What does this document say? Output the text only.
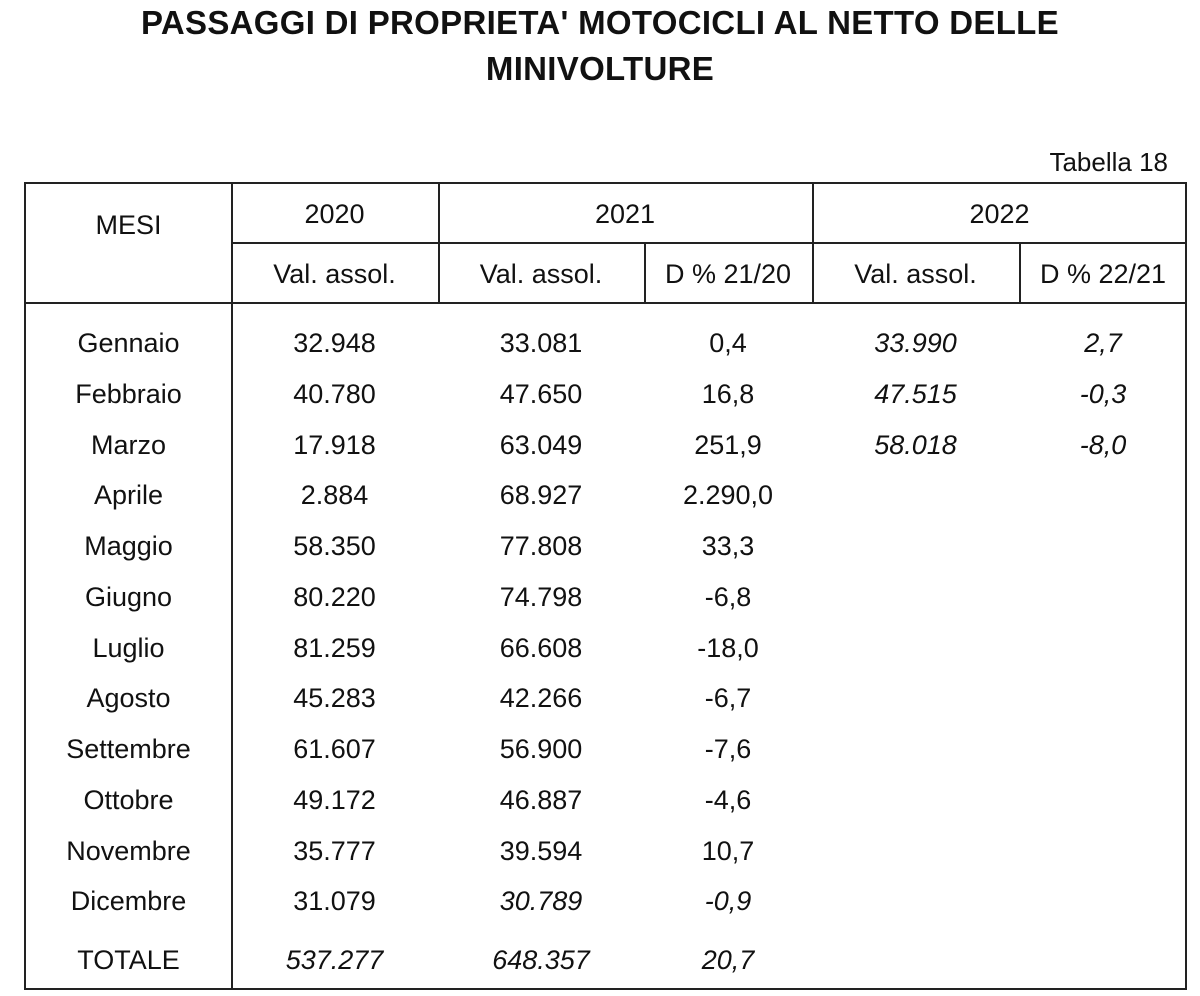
PASSAGGI DI PROPRIETA' MOTOCICLI AL NETTO DELLE
MINIVOLTURE
Tabella 18
MESI	2020	2021	2022
Val. assol.	Val. assol.	D % 21/20	Val. assol.	D % 22/21
Gennaio	32.948	33.081	0,4	33.990	2,7
Febbraio	40.780	47.650	16,8	47.515	-0,3
Marzo	17.918	63.049	251,9	58.018	-8,0
Aprile	2.884	68.927	2.290,0
Maggio	58.350	77.808	33,3
Giugno	80.220	74.798	-6,8
Luglio	81.259	66.608	-18,0
Agosto	45.283	42.266	-6,7
Settembre	61.607	56.900	-7,6
Ottobre	49.172	46.887	-4,6
Novembre	35.777	39.594	10,7
Dicembre	31.079	30.789	-0,9
TOTALE	537.277	648.357	20,7
